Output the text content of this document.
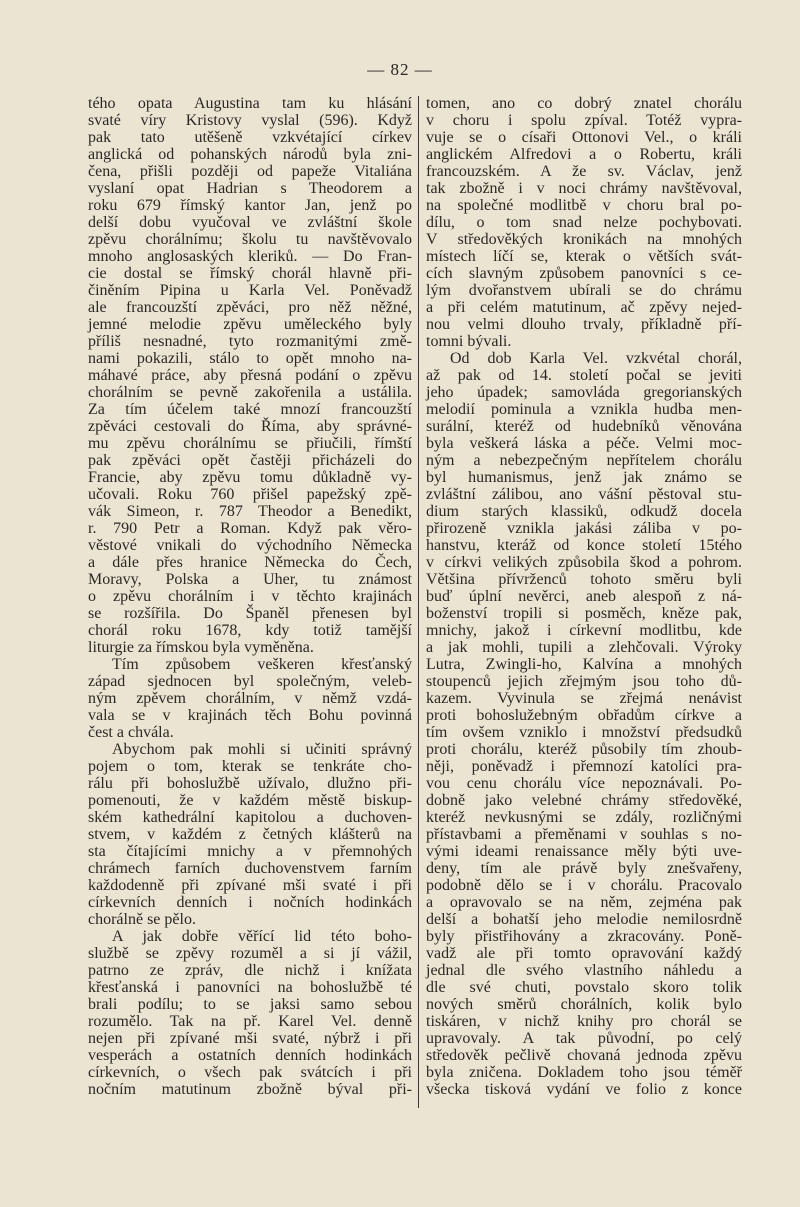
— 82 —
tého opata Augustina tam ku hlásání
svaté víry Kristovy vyslal (596). Když
pak tato utěšeně vzkvétající církev
anglická od pohanských národů byla zni-
čena, přišli později od papeže Vitaliána
vyslaní opat Hadrian s Theodorem a
roku 679 římský kantor Jan, jenž po
delší dobu vyučoval ve zvláštní škole
zpěvu chorálnímu; školu tu navštěvovalo
mnoho anglosaských kleriků. — Do Fran-
cie dostal se římský chorál hlavně při-
činěním Pipina u Karla Vel. Poněvadž
ale francouzští zpěváci, pro něž něžné,
jemné melodie zpěvu uměleckého byly
příliš nesnadné, tyto rozmanitými změ-
nami pokazili, stálo to opět mnoho na-
máhavé práce, aby přesná podání o zpěvu
chorálním se pevně zakořenila a ustálila.
Za tím účelem také mnozí francouzští
zpěváci cestovali do Říma, aby správné-
mu zpěvu chorálnímu se přiučili, římští
pak zpěváci opět častěji přicházeli do
Francie, aby zpěvu tomu důkladně vy-
učovali. Roku 760 přišel papežský zpě-
vák Simeon, r. 787 Theodor a Benedikt,
r. 790 Petr a Roman. Když pak věro-
věstové vnikali do východního Německa
a dále přes hranice Německa do Čech,
Moravy, Polska a Uher, tu známost
o zpěvu chorálním i v těchto krajinách
se rozšířila. Do Španěl přenesen byl
chorál roku 1678, kdy totiž tamější
liturgie za římskou byla vyměněna.
Tím způsobem veškeren křesťanský
západ sjednocen byl společným, veleb-
ným zpěvem chorálním, v němž vzdá-
vala se v krajinách těch Bohu povinná
čest a chvála.
Abychom pak mohli si učiniti správný
pojem o tom, kterak se tenkráte cho-
rálu při bohoslužbě užívalo, dlužno při-
pomenouti, že v každém městě biskup-
ském kathedrální kapitolou a duchoven-
stvem, v každém z četných klášterů na
sta čítajícími mnichy a v přemnohých
chrámech farních duchovenstvem farním
každodenně při zpívané mši svaté i při
církevních denních i nočních hodinkách
chorálně se pělo.
A jak dobře věřící lid této boho-
službě se zpěvy rozuměl a si jí vážil,
patrno ze zpráv, dle nichž i knížata
křesťanská i panovníci na bohoslužbě té
brali podílu; to se jaksi samo sebou
rozumělo. Tak na př. Karel Vel. denně
nejen při zpívané mši svaté, nýbrž i při
vesperách a ostatních denních hodinkách
církevních, o všech pak svátcích i při
nočním matutinum zbožně býval při-
tomen, ano co dobrý znatel chorálu
v choru i spolu zpíval. Totéž vypra-
vuje se o císaři Ottonovi Vel., o králi
anglickém Alfredovi a o Robertu, králi
francouzském. A že sv. Václav, jenž
tak zbožně i v noci chrámy navštěvoval,
na společné modlitbě v choru bral po-
dílu, o tom snad nelze pochybovati.
V středověkých kronikách na mnohých
místech líčí se, kterak o větších svát-
cích slavným způsobem panovníci s ce-
lým dvořanstvem ubírali se do chrámu
a při celém matutinum, ač zpěvy nejed-
nou velmi dlouho trvaly, příkladně pří-
tomni bývali.
Od dob Karla Vel. vzkvétal chorál,
až pak od 14. století počal se jeviti
jeho úpadek; samovláda gregorianských
melodií pominula a vznikla hudba men-
surální, kteréž od hudebníků věnována
byla veškerá láska a péče. Velmi moc-
ným a nebezpečným nepřítelem chorálu
byl humanismus, jenž jak známo se
zvláštní zálibou, ano vášní pěstoval stu-
dium starých klassiků, odkudž docela
přirozeně vznikla jakási záliba v po-
hanstvu, kteráž od konce století 15tého
v církvi velikých způsobila škod a pohrom.
Většina přívrženců tohoto směru byli
buď úplní nevěrci, aneb alespoň z ná-
boženství tropili si posměch, kněze pak,
mnichy, jakož i církevní modlitbu, kde
a jak mohli, tupili a zlehčovali. Výroky
Lutra, Zwingli-ho, Kalvína a mnohých
stoupenců jejich zřejmým jsou toho dů-
kazem. Vyvinula se zřejmá nenávist
proti bohoslužebným obřadům církve a
tím ovšem vzniklo i množství předsudků
proti chorálu, kteréž působily tím zhoub-
něji, poněvadž i přemnozí katolíci pra-
vou cenu chorálu více nepoznávali. Po-
dobně jako velebné chrámy středověké,
kteréž nevkusnými se zdály, rozličnými
přístavbami a přeměnami v souhlas s no-
vými ideami renaissance měly býti uve-
deny, tím ale právě byly znešvařeny,
podobně dělo se i v chorálu. Pracovalo
a opravovalo se na něm, zejména pak
delší a bohatší jeho melodie nemilosrdně
byly přistřihovány a zkracovány. Poně-
vadž ale při tomto opravování každý
jednal dle svého vlastního náhledu a
dle své chuti, povstalo skoro tolik
nových směrů chorálních, kolik bylo
tiskáren, v nichž knihy pro chorál se
upravovaly. A tak původní, po celý
středověk pečlivě chovaná jednoda zpěvu
byla zničena. Dokladem toho jsou téměř
všecka tisková vydání ve folio z konce
